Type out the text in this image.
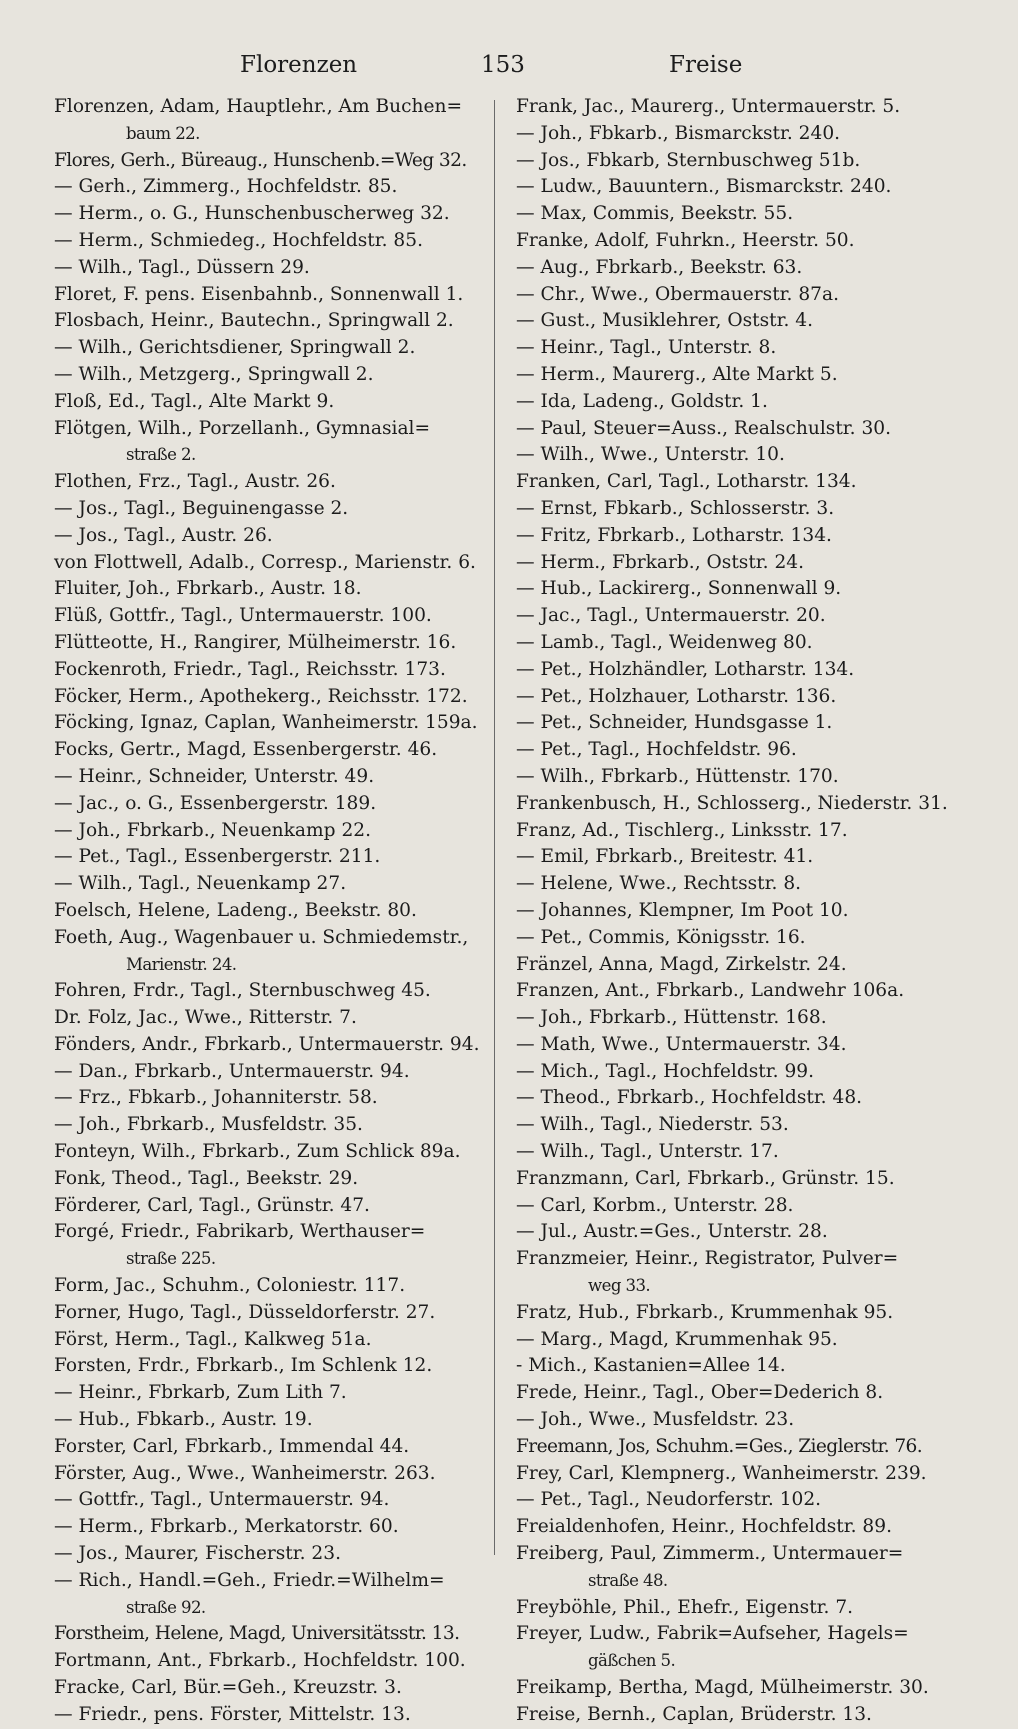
Florenzen	153	Freise
Florenzen, Adam, Hauptlehr., Am Buchen=
baum 22.
Flores, Gerh., Büreaug., Hunschenb.=Weg 32.
— Gerh., Zimmerg., Hochfeldstr. 85.
— Herm., o. G., Hunschenbuscherweg 32.
— Herm., Schmiedeg., Hochfeldstr. 85.
— Wilh., Tagl., Düssern 29.
Floret, F. pens. Eisenbahnb., Sonnenwall 1.
Flosbach, Heinr., Bautechn., Springwall 2.
— Wilh., Gerichtsdiener, Springwall 2.
— Wilh., Metzgerg., Springwall 2.
Floß, Ed., Tagl., Alte Markt 9.
Flötgen, Wilh., Porzellanh., Gymnasial=
straße 2.
Flothen, Frz., Tagl., Austr. 26.
— Jos., Tagl., Beguinengasse 2.
— Jos., Tagl., Austr. 26.
von Flottwell, Adalb., Corresp., Marienstr. 6.
Fluiter, Joh., Fbrkarb., Austr. 18.
Flüß, Gottfr., Tagl., Untermauerstr. 100.
Flütteotte, H., Rangirer, Mülheimerstr. 16.
Fockenroth, Friedr., Tagl., Reichsstr. 173.
Föcker, Herm., Apothekerg., Reichsstr. 172.
Föcking, Ignaz, Caplan, Wanheimerstr. 159a.
Focks, Gertr., Magd, Essenbergerstr. 46.
— Heinr., Schneider, Unterstr. 49.
— Jac., o. G., Essenbergerstr. 189.
— Joh., Fbrkarb., Neuenkamp 22.
— Pet., Tagl., Essenbergerstr. 211.
— Wilh., Tagl., Neuenkamp 27.
Foelsch, Helene, Ladeng., Beekstr. 80.
Foeth, Aug., Wagenbauer u. Schmiedemstr.,
Marienstr. 24.
Fohren, Frdr., Tagl., Sternbuschweg 45.
Dr. Folz, Jac., Wwe., Ritterstr. 7.
Fönders, Andr., Fbrkarb., Untermauerstr. 94.
— Dan., Fbrkarb., Untermauerstr. 94.
— Frz., Fbkarb., Johanniterstr. 58.
— Joh., Fbrkarb., Musfeldstr. 35.
Fonteyn, Wilh., Fbrkarb., Zum Schlick 89a.
Fonk, Theod., Tagl., Beekstr. 29.
Förderer, Carl, Tagl., Grünstr. 47.
Forgé, Friedr., Fabrikarb, Werthauser=
straße 225.
Form, Jac., Schuhm., Coloniestr. 117.
Forner, Hugo, Tagl., Düsseldorferstr. 27.
Först, Herm., Tagl., Kalkweg 51a.
Forsten, Frdr., Fbrkarb., Im Schlenk 12.
— Heinr., Fbrkarb, Zum Lith 7.
— Hub., Fbkarb., Austr. 19.
Forster, Carl, Fbrkarb., Immendal 44.
Förster, Aug., Wwe., Wanheimerstr. 263.
— Gottfr., Tagl., Untermauerstr. 94.
— Herm., Fbrkarb., Merkatorstr. 60.
— Jos., Maurer, Fischerstr. 23.
— Rich., Handl.=Geh., Friedr.=Wilhelm=
straße 92.
Forstheim, Helene, Magd, Universitätsstr. 13.
Fortmann, Ant., Fbrkarb., Hochfeldstr. 100.
Fracke, Carl, Bür.=Geh., Kreuzstr. 3.
— Friedr., pens. Förster, Mittelstr. 13.
Frank, Jac., Maurerg., Untermauerstr. 5.
— Joh., Fbkarb., Bismarckstr. 240.
— Jos., Fbkarb, Sternbuschweg 51b.
— Ludw., Bauuntern., Bismarckstr. 240.
— Max, Commis, Beekstr. 55.
Franke, Adolf, Fuhrkn., Heerstr. 50.
— Aug., Fbrkarb., Beekstr. 63.
— Chr., Wwe., Obermauerstr. 87a.
— Gust., Musiklehrer, Oststr. 4.
— Heinr., Tagl., Unterstr. 8.
— Herm., Maurerg., Alte Markt 5.
— Ida, Ladeng., Goldstr. 1.
— Paul, Steuer=Auss., Realschulstr. 30.
— Wilh., Wwe., Unterstr. 10.
Franken, Carl, Tagl., Lotharstr. 134.
— Ernst, Fbkarb., Schlosserstr. 3.
— Fritz, Fbrkarb., Lotharstr. 134.
— Herm., Fbrkarb., Oststr. 24.
— Hub., Lackirerg., Sonnenwall 9.
— Jac., Tagl., Untermauerstr. 20.
— Lamb., Tagl., Weidenweg 80.
— Pet., Holzhändler, Lotharstr. 134.
— Pet., Holzhauer, Lotharstr. 136.
— Pet., Schneider, Hundsgasse 1.
— Pet., Tagl., Hochfeldstr. 96.
— Wilh., Fbrkarb., Hüttenstr. 170.
Frankenbusch, H., Schlosserg., Niederstr. 31.
Franz, Ad., Tischlerg., Linksstr. 17.
— Emil, Fbrkarb., Breitestr. 41.
— Helene, Wwe., Rechtsstr. 8.
— Johannes, Klempner, Im Poot 10.
— Pet., Commis, Königsstr. 16.
Fränzel, Anna, Magd, Zirkelstr. 24.
Franzen, Ant., Fbrkarb., Landwehr 106a.
— Joh., Fbrkarb., Hüttenstr. 168.
— Math, Wwe., Untermauerstr. 34.
— Mich., Tagl., Hochfeldstr. 99.
— Theod., Fbrkarb., Hochfeldstr. 48.
— Wilh., Tagl., Niederstr. 53.
— Wilh., Tagl., Unterstr. 17.
Franzmann, Carl, Fbrkarb., Grünstr. 15.
— Carl, Korbm., Unterstr. 28.
— Jul., Austr.=Ges., Unterstr. 28.
Franzmeier, Heinr., Registrator, Pulver=
weg 33.
Fratz, Hub., Fbrkarb., Krummenhak 95.
— Marg., Magd, Krummenhak 95.
- Mich., Kastanien=Allee 14.
Frede, Heinr., Tagl., Ober=Dederich 8.
— Joh., Wwe., Musfeldstr. 23.
Freemann, Jos, Schuhm.=Ges., Zieglerstr. 76.
Frey, Carl, Klempnerg., Wanheimerstr. 239.
— Pet., Tagl., Neudorferstr. 102.
Freialdenhofen, Heinr., Hochfeldstr. 89.
Freiberg, Paul, Zimmerm., Untermauer=
straße 48.
Freyböhle, Phil., Ehefr., Eigenstr. 7.
Freyer, Ludw., Fabrik=Aufseher, Hagels=
gäßchen 5.
Freikamp, Bertha, Magd, Mülheimerstr. 30.
Freise, Bernh., Caplan, Brüderstr. 13.
